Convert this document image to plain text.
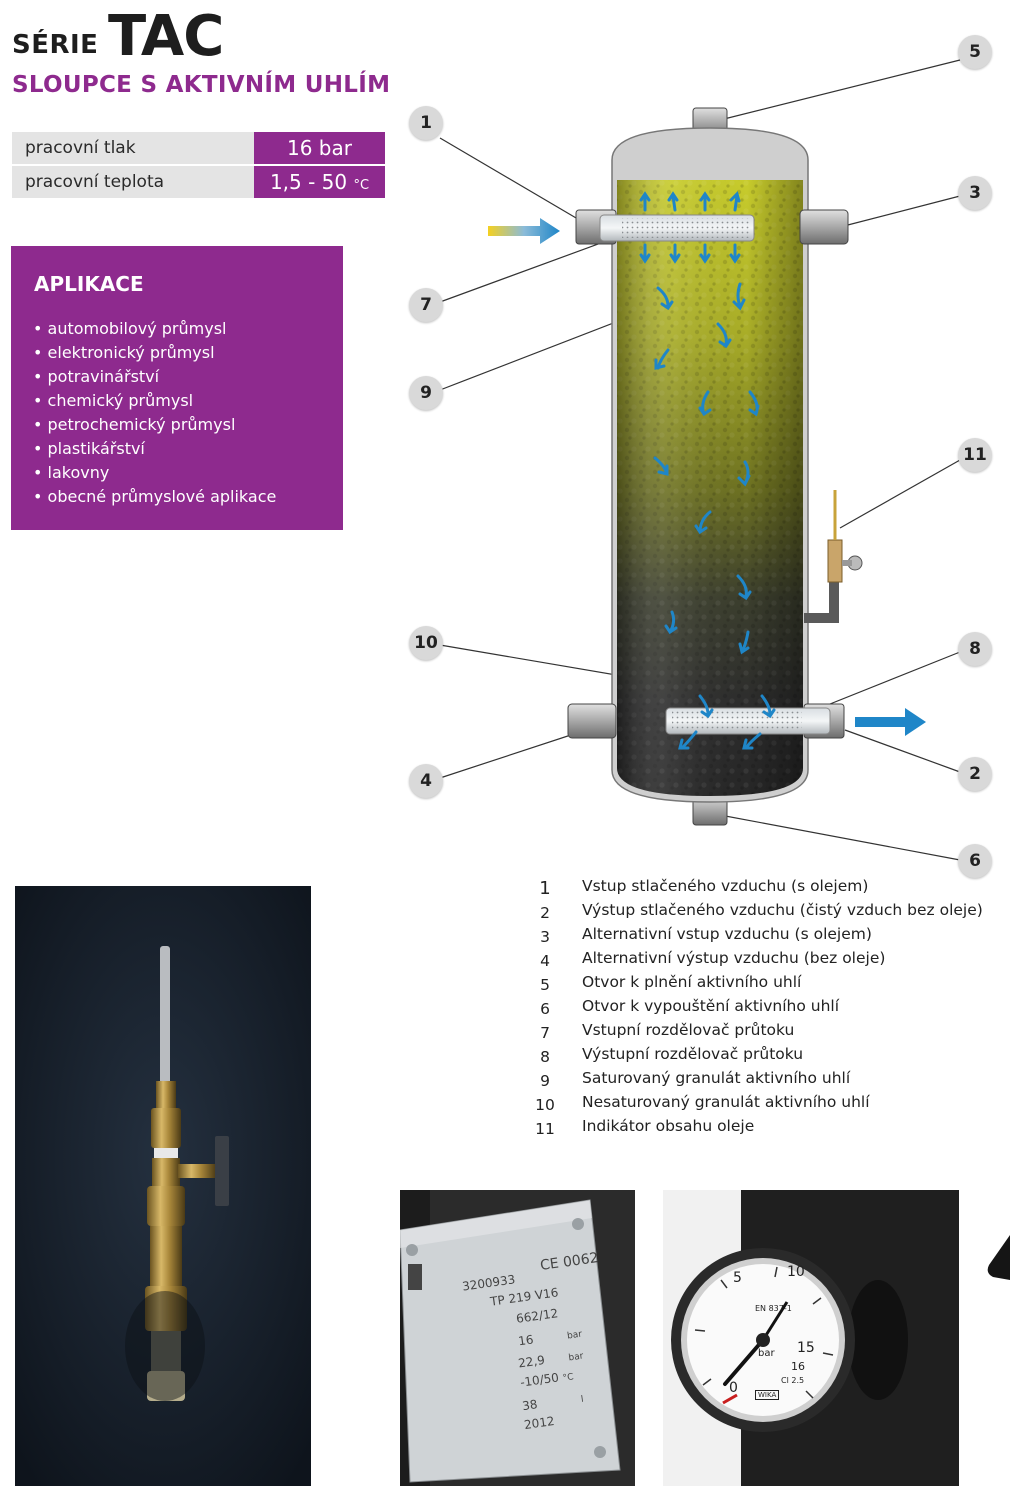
SÉRIE TAC
SLOUPCE S AKTIVNÍM UHLÍM
pracovní tlak	16 bar
pracovní teplota	1,5 - 50 °C
APLIKACE
• automobilový průmysl
• elektronický průmysl
• potravinářství
• chemický průmysl
• petrochemický průmysl
• plastikářství
• lakovny
• obecné průmyslové aplikace
1
2
3
4
5
6
7
8
9
10
11
1	Vstup stlačeného vzduchu (s olejem)
2	Výstup stlačeného vzduchu (čistý vzduch bez oleje)
3	Alternativní vstup vzduchu (s olejem)
4	Alternativní výstup vzduchu (bez oleje)
5	Otvor k plnění aktivního uhlí
6	Otvor k vypouštění aktivního uhlí
7	Vstupní rozdělovač průtoku
8	Výstupní rozdělovač průtoku
9	Saturovaný granulát aktivního uhlí
10 Nesaturovaný granulát aktivního uhlí
11 Indikátor obsahu oleje
CE 0062
3200933
TP 219 V16
662/12
16	bar
22,9 bar
-10/50 °C
38	l
2012
0
5	10
15
16
bar
EN 837-1
Cl 2.5
WIKA
